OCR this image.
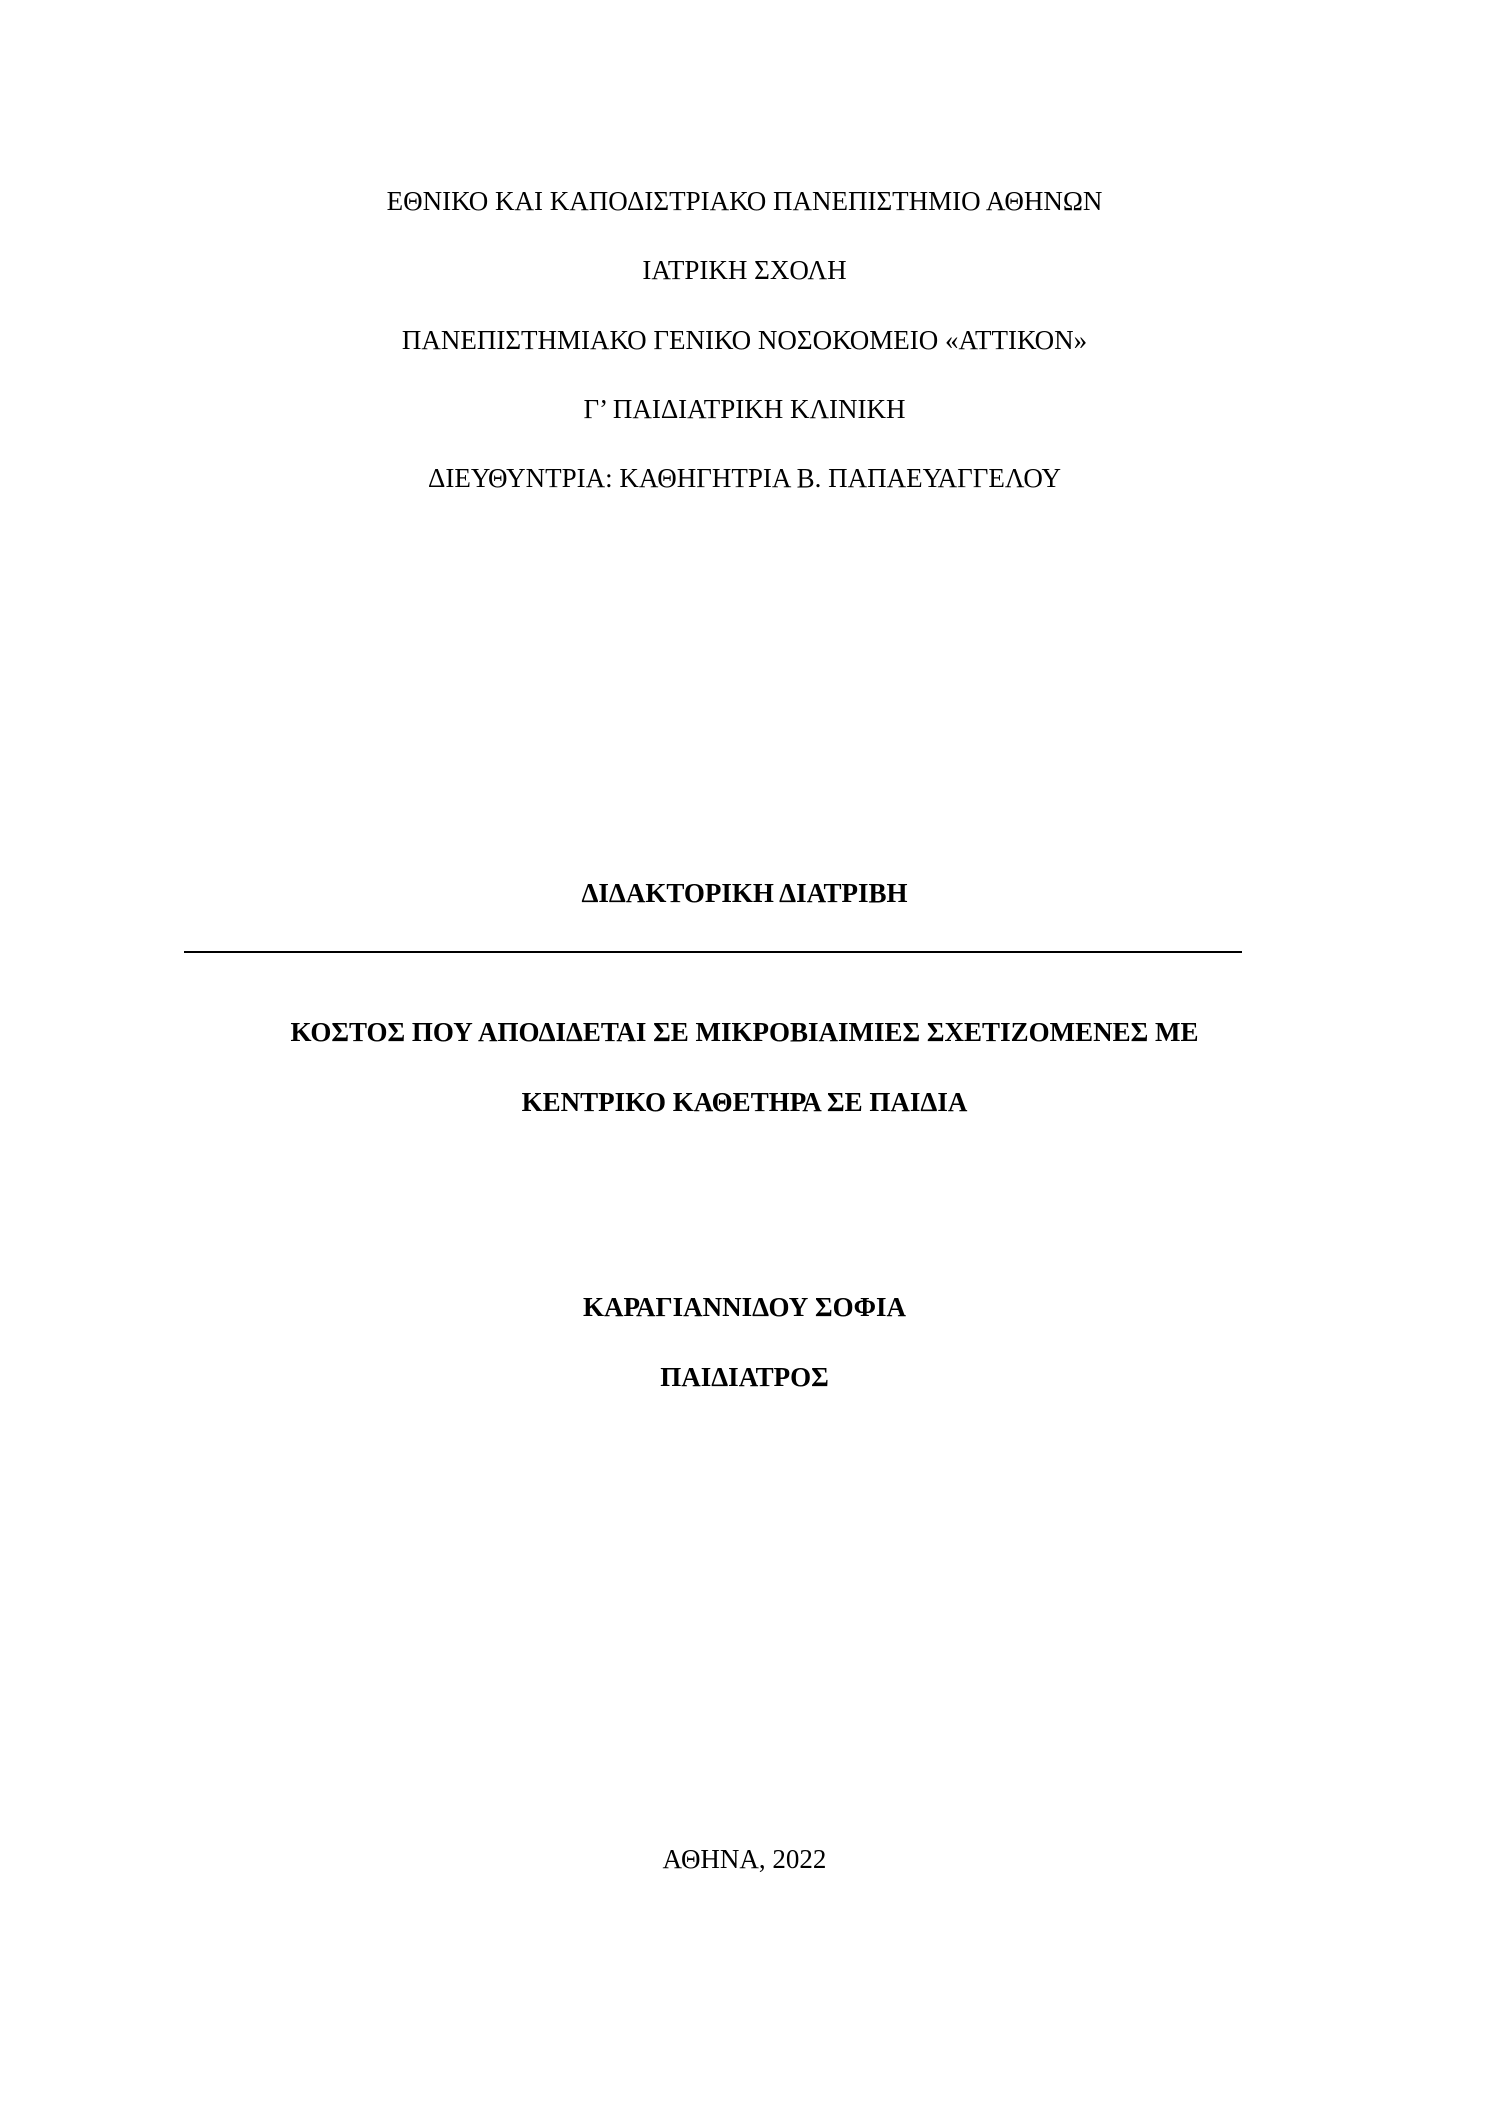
ΕΘΝΙΚΟ ΚΑΙ ΚΑΠΟΔΙΣΤΡΙΑΚΟ ΠΑΝΕΠΙΣΤΗΜΙΟ ΑΘΗΝΩΝ
ΙΑΤΡΙΚΗ ΣΧΟΛΗ
ΠΑΝΕΠΙΣΤΗΜΙΑΚΟ ΓΕΝΙΚΟ ΝΟΣΟΚΟΜΕΙΟ «ΑΤΤΙΚΟΝ»
Γ’ ΠΑΙΔΙΑΤΡΙΚΗ ΚΛΙΝΙΚΗ
ΔΙΕΥΘΥΝΤΡΙΑ: ΚΑΘΗΓΗΤΡΙΑ Β. ΠΑΠΑΕΥΑΓΓΕΛΟΥ
ΔΙΔΑΚΤΟΡΙΚΗ ΔΙΑΤΡΙΒΗ
ΚΟΣΤΟΣ ΠΟΥ ΑΠΟΔΙΔΕΤΑΙ ΣΕ ΜΙΚΡΟΒΙΑΙΜΙΕΣ ΣΧΕΤΙΖΟΜΕΝΕΣ ΜΕ
ΚΕΝΤΡΙΚΟ ΚΑΘΕΤΗΡΑ ΣΕ ΠΑΙΔΙΑ
ΚΑΡΑΓΙΑΝΝΙΔΟΥ ΣΟΦΙΑ
ΠΑΙΔΙΑΤΡΟΣ
ΑΘΗΝΑ, 2022
